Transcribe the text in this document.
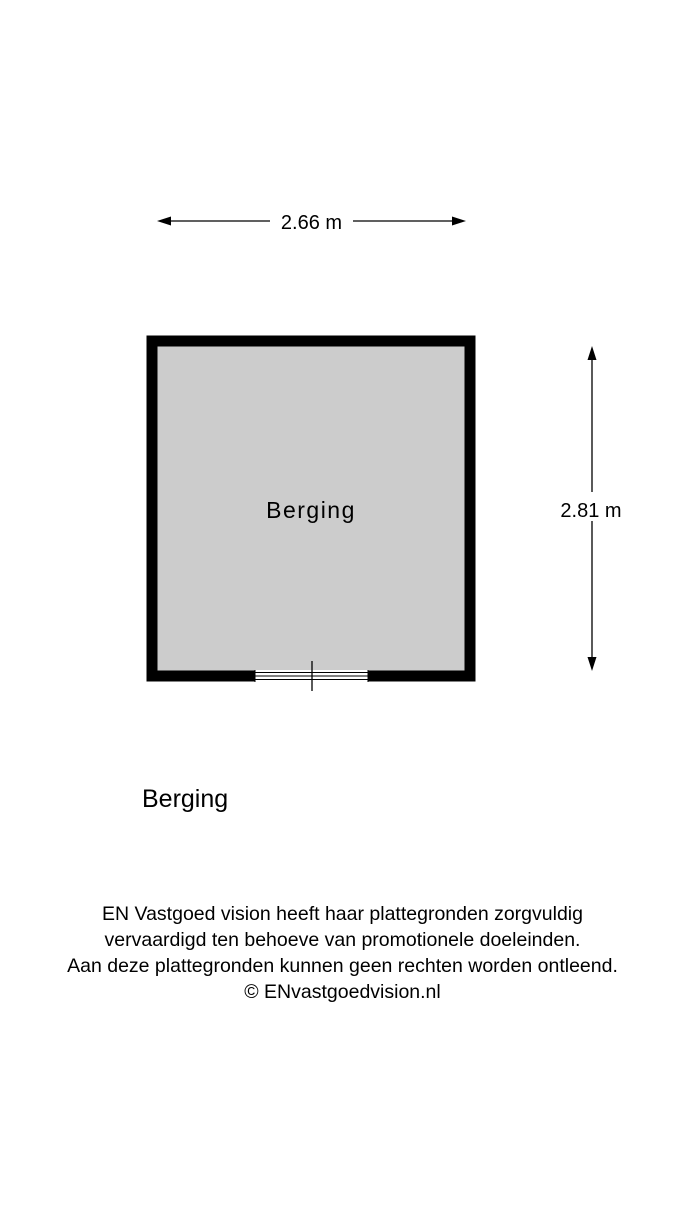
2.66 m
Berging	2.81 m
Berging
EN Vastgoed vision heeft haar plattegronden zorgvuldig
vervaardigd ten behoeve van promotionele doeleinden.
Aan deze plattegronden kunnen geen rechten worden ontleend.
© ENvastgoedvision.nl
